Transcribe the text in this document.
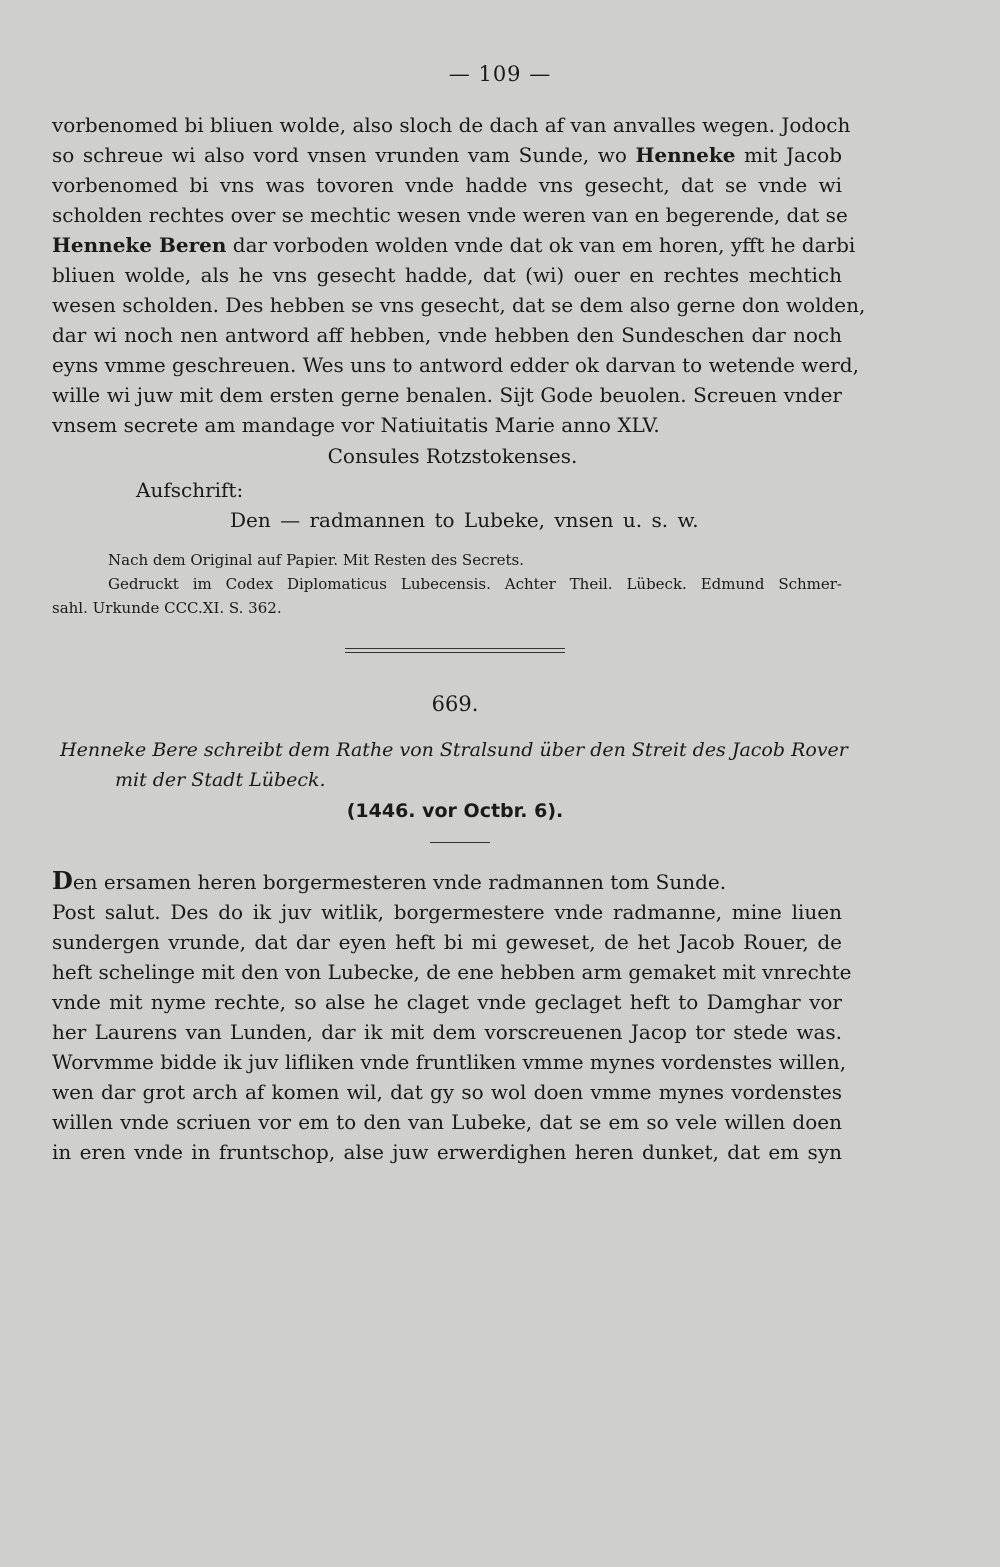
— 109 —
vorbenomed bi bliuen wolde, also sloch de dach af van anvalles wegen. Jodoch
so schreue wi also vord vnsen vrunden vam Sunde, wo Henneke mit Jacob
vorbenomed bi vns was tovoren vnde hadde vns gesecht, dat se vnde wi
scholden rechtes over se mechtic wesen vnde weren van en begerende, dat se
Henneke Beren dar vorboden wolden vnde dat ok van em horen, yfft he darbi
bliuen wolde, als he vns gesecht hadde, dat (wi) ouer en rechtes mechtich
wesen scholden. Des hebben se vns gesecht, dat se dem also gerne don wolden,
dar wi noch nen antword aff hebben, vnde hebben den Sundeschen dar noch
eyns vmme geschreuen. Wes uns to antword edder ok darvan to wetende werd,
wille wi juw mit dem ersten gerne benalen. Sijt Gode beuolen. Screuen vnder
vnsem secrete am mandage vor Natiuitatis Marie anno XLV.
Consules Rotzstokenses.
Aufschrift:
Den — radmannen to Lubeke, vnsen u. s. w.
Nach dem Original auf Papier. Mit Resten des Secrets.
Gedruckt im Codex Diplomaticus Lubecensis. Achter Theil. Lübeck. Edmund Schmer-
sahl. Urkunde CCC.XI. S. 362.
669.
Henneke Bere schreibt dem Rathe von Stralsund über den Streit des Jacob Rover
mit der Stadt Lübeck.
(1446. vor Octbr. 6).
Den ersamen heren borgermesteren vnde radmannen tom Sunde.
Post salut. Des do ik juv witlik, borgermestere vnde radmanne, mine liuen
sundergen vrunde, dat dar eyen heft bi mi geweset, de het Jacob Rouer, de
heft schelinge mit den von Lubecke, de ene hebben arm gemaket mit vnrechte
vnde mit nyme rechte, so alse he claget vnde geclaget heft to Damghar vor
her Laurens van Lunden, dar ik mit dem vorscreuenen Jacop tor stede was.
Worvmme bidde ik juv lifliken vnde fruntliken vmme mynes vordenstes willen,
wen dar grot arch af komen wil, dat gy so wol doen vmme mynes vordenstes
willen vnde scriuen vor em to den van Lubeke, dat se em so vele willen doen
in eren vnde in fruntschop, alse juw erwerdighen heren dunket, dat em syn
